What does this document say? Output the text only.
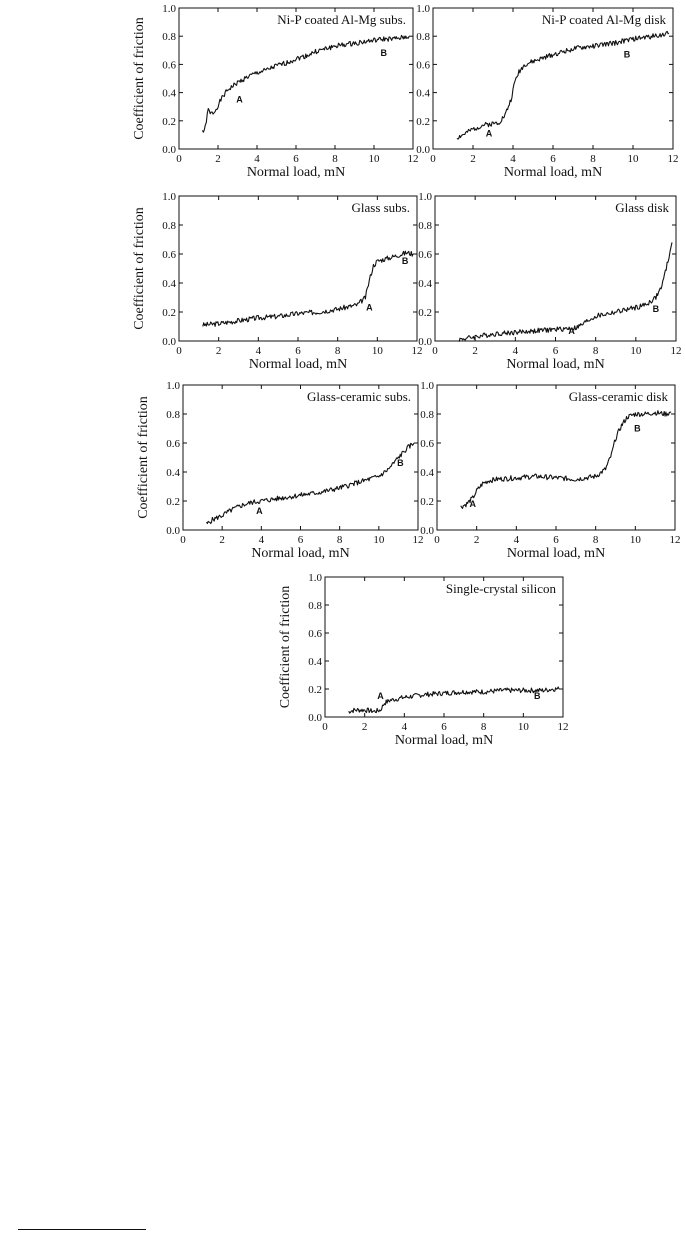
0	2	4	6	8	10	12
0.0
0.2
0.4
0.6
0.8
1.0
Normal load, mN
Coefficient of friction	Ni-P coated Al-Mg subs.
A
B
0	2	4	6	8	10	12
0.0
0.2
0.4
0.6
0.8
1.0
Normal load, mN
Ni-P coated Al-Mg disk
A
B
0	2	4	6	8	10	12
0.0
0.2
0.4
0.6
0.8
1.0
Normal load, mN
Coefficient of friction	Glass subs.
A
B
0	2	4	6	8	10	12
0.0
0.2
0.4
0.6
0.8
1.0
Normal load, mN
Glass disk
A
B
0	2	4	6	8	10	12
0.0
0.2
0.4
0.6
0.8
1.0
Normal load, mN
Coefficient of friction	Glass-ceramic subs.
A
B
0	2	4	6	8	10	12
0.0
0.2
0.4
0.6
0.8
1.0
Normal load, mN
Glass-ceramic disk
A
B
0	2	4	6	8	10	12
0.0
0.2
0.4
0.6
0.8
1.0
Normal load, mN
Coefficient of friction	Single-crystal silicon
A	B
